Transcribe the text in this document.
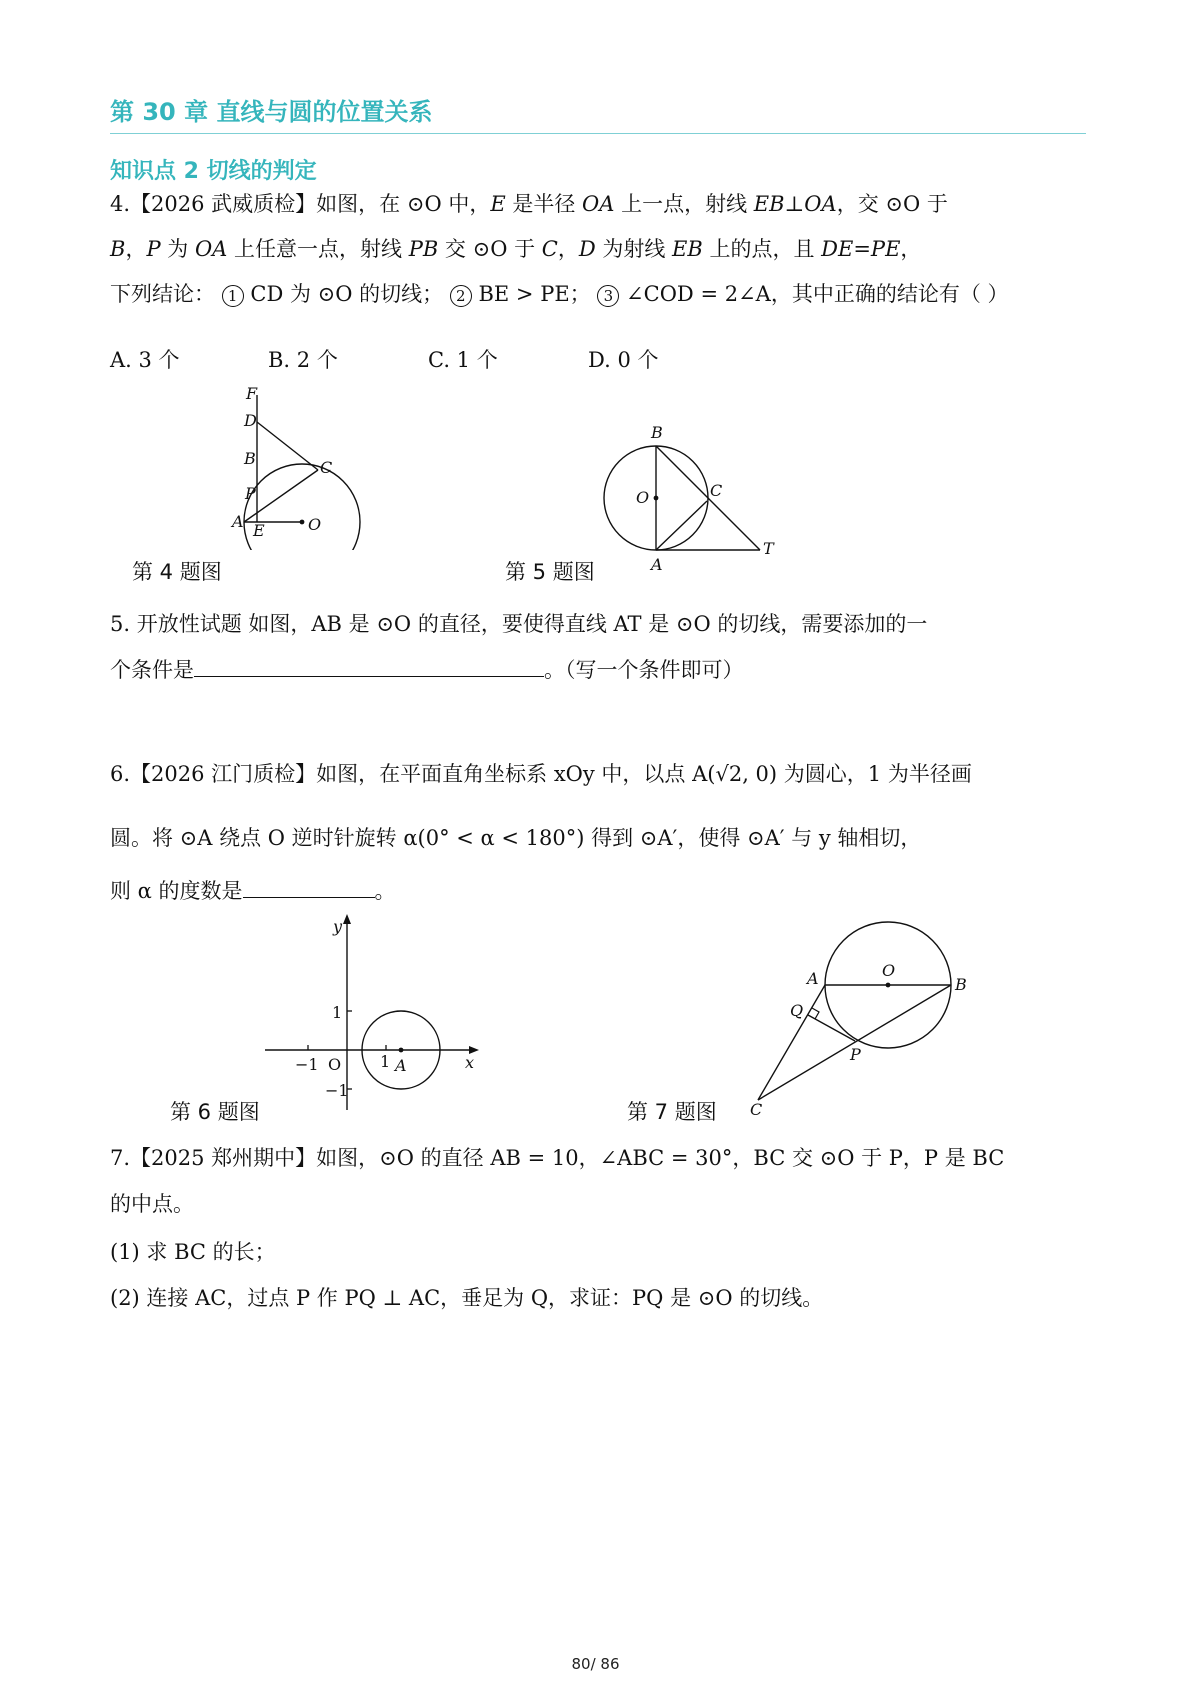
第 30 章 直线与圆的位置关系
知识点 2 切线的判定
4.【2026 武威质检】如图，在 ⊙O 中，E 是半径 OA 上一点，射线 EB⊥OA，交 ⊙O 于
B，P 为 OA 上任意一点，射线 PB 交 ⊙O 于 C，D 为射线 EB 上的点，且 DE=PE，
下列结论： 1 CD 为 ⊙O 的切线； 2 BE > PE； 3 ∠COD = 2∠A，其中正确的结论有（ ）
A. 3 个	B. 2 个	C. 1 个	D. 0 个
F
D
B	C
P
A E	O
第 4 题图
B
O	C
A
T
第 5 题图
5. 开放性试题 如图，AB 是 ⊙O 的直径，要使得直线 AT 是 ⊙O 的切线，需要添加的一
个条件是	。（写一个条件即可）
6.【2026 江门质检】如图，在平面直角坐标系 xOy 中，以点 A(√2, 0) 为圆心，1 为半径画
圆。将 ⊙A 绕点 O 逆时针旋转 α(0° < α < 180°) 得到 ⊙A′，使得 ⊙A′ 与 y 轴相切，
则 α 的度数是	。
y
1
−1 O 1 A
−1
x
第 6 题图
O
A	B
Q
P
C
第 7 题图
7.【2025 郑州期中】如图，⊙O 的直径 AB = 10，∠ABC = 30°，BC 交 ⊙O 于 P，P 是 BC
的中点。
(1) 求 BC 的长；
(2) 连接 AC，过点 P 作 PQ ⊥ AC，垂足为 Q，求证：PQ 是 ⊙O 的切线。
80/ 86
